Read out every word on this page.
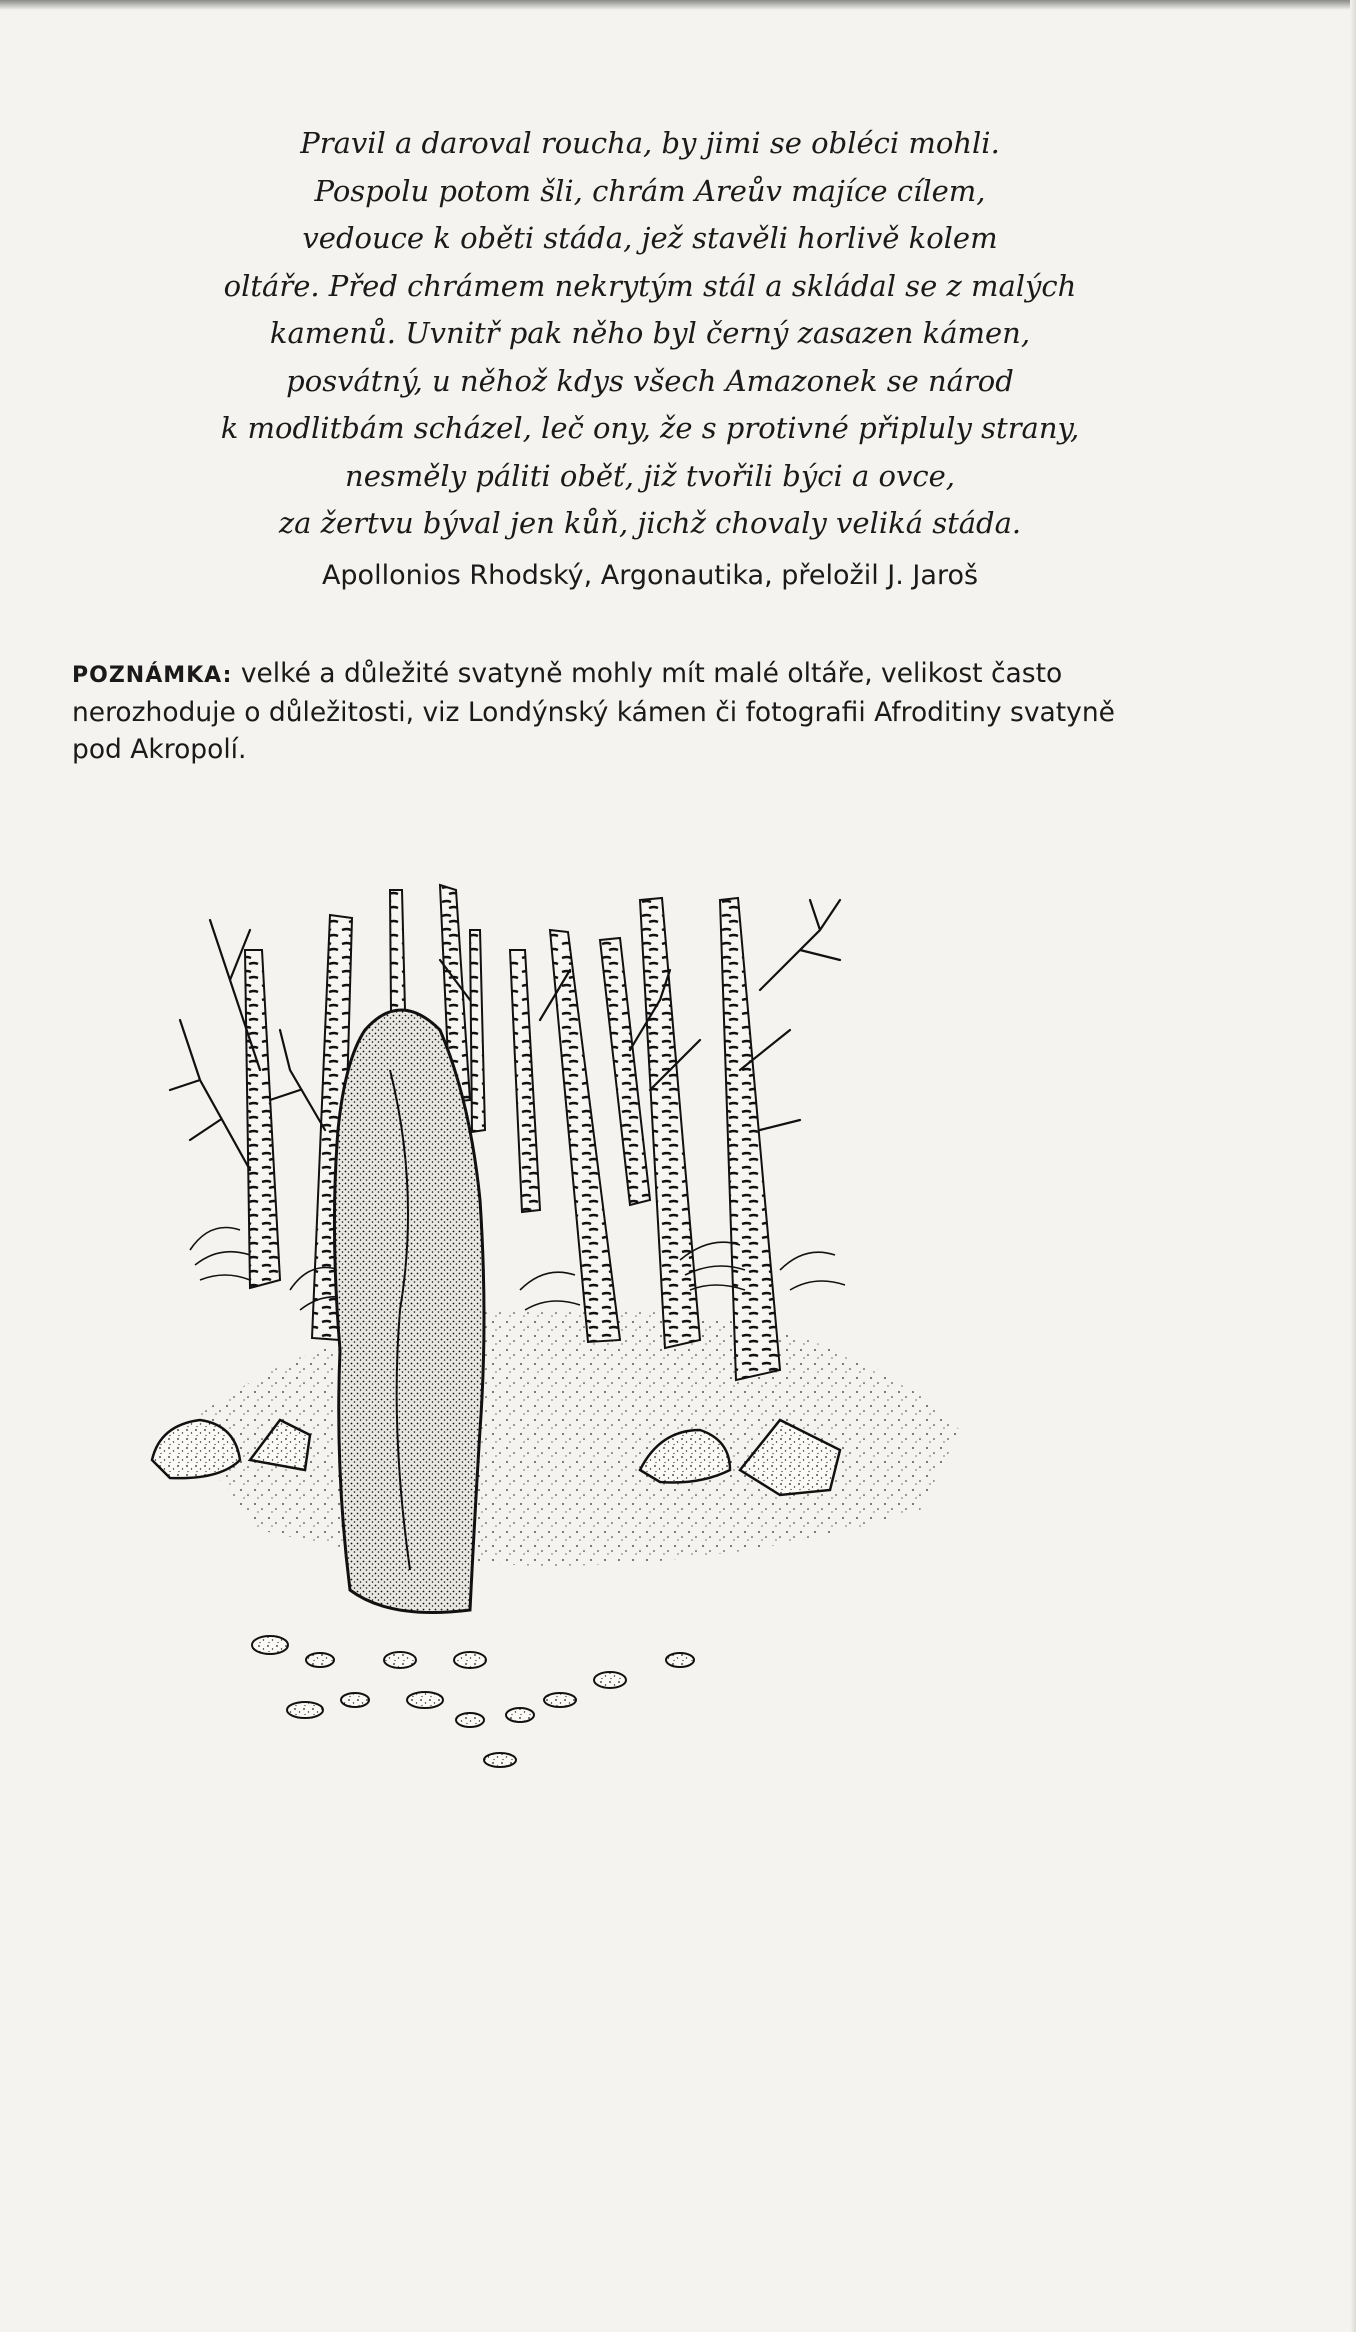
Pravil a daroval roucha, by jimi se obléci mohli.
Pospolu potom šli, chrám Areův majíce cílem,
vedouce k oběti stáda, jež stavěli horlivě kolem
oltáře. Před chrámem nekrytým stál a skládal se z malých
kamenů. Uvnitř pak něho byl černý zasazen kámen,
posvátný, u něhož kdys všech Amazonek se národ
k modlitbám scházel, leč ony, že s protivné připluly strany,
nesměly páliti oběť, již tvořili býci a ovce,
za žertvu býval jen kůň, jichž chovaly veliká stáda.
Apollonios Rhodský, Argonautika, přeložil J. Jaroš
POZNÁMKA: velké a důležité svatyně mohly mít malé oltáře, velikost často nerozhoduje o důležitosti, viz Londýnský kámen či fotografii Afroditiny svatyně pod Akropolí.
